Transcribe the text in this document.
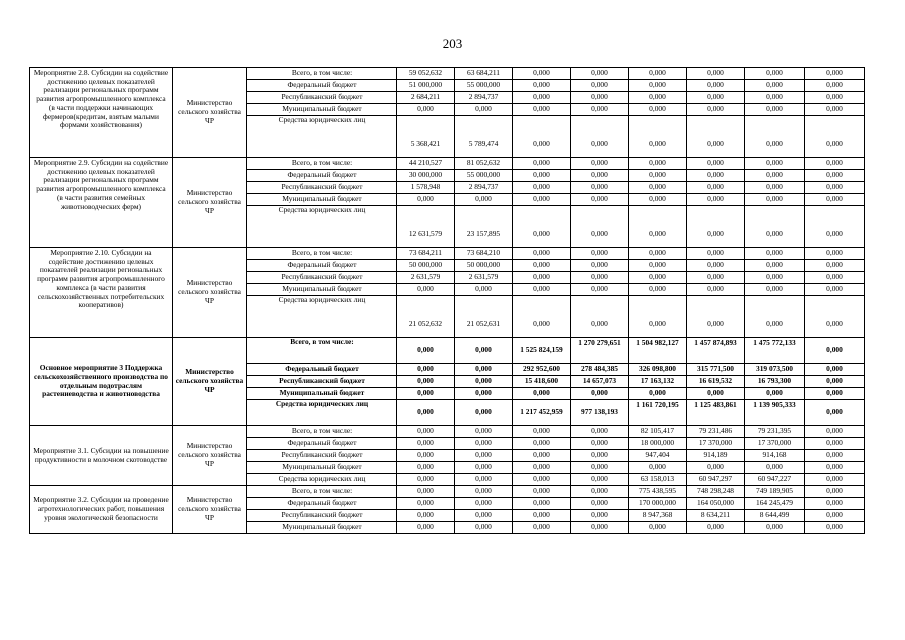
203
Мероприятие 2.8. Субсидии на содействие достижению целевых показателей реализации региональных программ развития агропромышленного комплекса (в части поддержки начинающих фермеров(кредитам, взятым малыми формами хозяйствования)	Министерство сельского хозяйства ЧР	Всего, в том числе:	59 052,632	63 684,211	0,000	0,000	0,000	0,000	0,000	0,000
		Федеральный бюджет	51 000,000	55 000,000	0,000	0,000	0,000	0,000	0,000	0,000
		Республиканский бюджет	2 684,211	2 894,737	0,000	0,000	0,000	0,000	0,000	0,000
		Муниципальный бюджет	0,000	0,000	0,000	0,000	0,000	0,000	0,000	0,000
		Средства юридических лиц	5 368,421	5 789,474	0,000	0,000	0,000	0,000	0,000	0,000
Мероприятие 2.9. Субсидии на содействие достижению целевых показателей реализации региональных программ развития агропромышленного комплекса (в части развития семейных животноводческих ферм)	Министерство сельского хозяйства ЧР	Всего, в том числе:	44 210,527	81 052,632	0,000	0,000	0,000	0,000	0,000	0,000
		Федеральный бюджет	30 000,000	55 000,000	0,000	0,000	0,000	0,000	0,000	0,000
		Республиканский бюджет	1 578,948	2 894,737	0,000	0,000	0,000	0,000	0,000	0,000
		Муниципальный бюджет	0,000	0,000	0,000	0,000	0,000	0,000	0,000	0,000
		Средства юридических лиц	12 631,579	23 157,895	0,000	0,000	0,000	0,000	0,000	0,000
Мероприятие 2.10. Субсидии на содействие достижению целевых показателей реализации региональных программ развития агропромышленного комплекса (в части развития сельскохозяйственных потребительских кооперативов)	Министерство сельского хозяйства ЧР	Всего, в том числе:	73 684,211	73 684,210	0,000	0,000	0,000	0,000	0,000	0,000
		Федеральный бюджет	50 000,000	50 000,000	0,000	0,000	0,000	0,000	0,000	0,000
		Республиканский бюджет	2 631,579	2 631,579	0,000	0,000	0,000	0,000	0,000	0,000
		Муниципальный бюджет	0,000	0,000	0,000	0,000	0,000	0,000	0,000	0,000
		Средства юридических лиц	21 052,632	21 052,631	0,000	0,000	0,000	0,000	0,000	0,000
Основное мероприятие 3 Поддержка сельскохозяйственного производства по отдельным подотраслям растениеводства и животноводства	Министерство сельского хозяйства ЧР	Всего, в том числе:	0,000	0,000	1 525 824,159	1 270 279,651	1 504 982,127	1 457 874,893	1 475 772,133	0,000
		Федеральный бюджет	0,000	0,000	292 952,600	278 484,385	326 098,800	315 771,500	319 073,500	0,000
		Республиканский бюджет	0,000	0,000	15 418,600	14 657,073	17 163,132	16 619,532	16 793,300	0,000
		Муниципальный бюджет	0,000	0,000	0,000	0,000	0,000	0,000	0,000	0,000
		Средства юридических лиц	0,000	0,000	1 217 452,959	977 138,193	1 161 720,195	1 125 483,861	1 139 905,333	0,000
Мероприятие 3.1. Субсидии на повышение продуктивности в молочном скотоводстве	Министерство сельского хозяйства ЧР	Всего, в том числе:	0,000	0,000	0,000	0,000	82 105,417	79 231,486	79 231,395	0,000
		Федеральный бюджет	0,000	0,000	0,000	0,000	18 000,000	17 370,000	17 370,000	0,000
		Республиканский бюджет	0,000	0,000	0,000	0,000	947,404	914,189	914,168	0,000
		Муниципальный бюджет	0,000	0,000	0,000	0,000	0,000	0,000	0,000	0,000
		Средства юридических лиц	0,000	0,000	0,000	0,000	63 158,013	60 947,297	60 947,227	0,000
Мероприятие 3.2. Субсидии на проведение агротехнологических работ, повышения уровня экологической безопасности	Министерство сельского хозяйства ЧР	Всего, в том числе:	0,000	0,000	0,000	0,000	775 438,595	748 298,248	749 189,905	0,000
		Федеральный бюджет	0,000	0,000	0,000	0,000	170 000,000	164 050,000	164 245,479	0,000
		Республиканский бюджет	0,000	0,000	0,000	0,000	8 947,368	8 634,211	8 644,499	0,000
		Муниципальный бюджет	0,000	0,000	0,000	0,000	0,000	0,000	0,000	0,000
